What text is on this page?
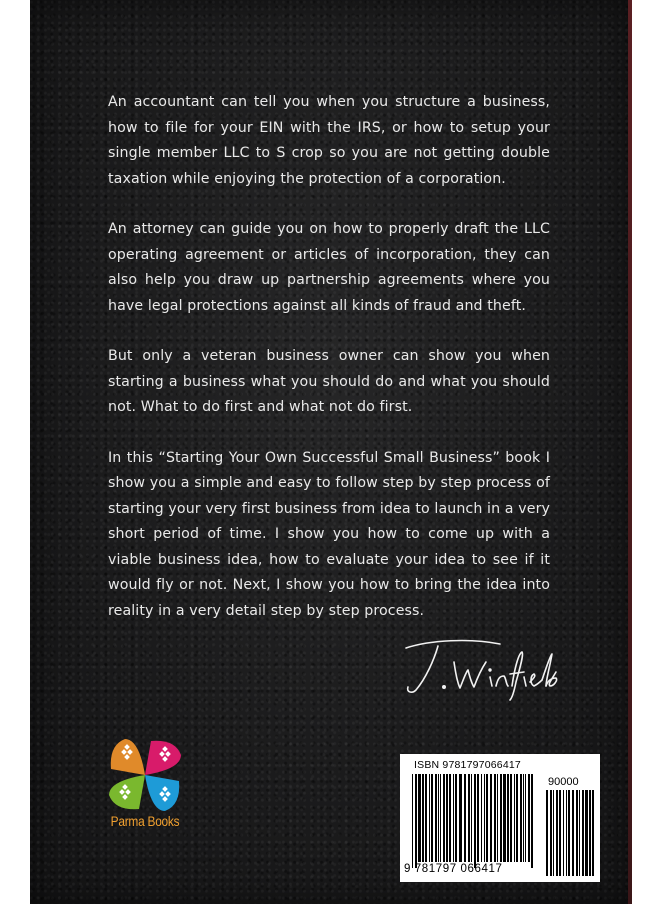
An accountant can tell you when you structure a business, how to file for your EIN with the IRS, or how to setup your single member LLC to S crop so you are not getting double taxation while enjoying the protection of a corporation.

An attorney can guide you on how to properly draft the LLC operating agreement or articles of incorporation, they can also help you draw up partnership agreements where you have legal protections against all kinds of fraud and theft.

But only a veteran business owner can show you when starting a business what you should do and what you should not. What to do first and what not do first.

In this “Starting Your Own Successful Small Business” book I show you a simple and easy to follow step by step process of starting your very first business from idea to launch in a very short period of time. I show you how to come up with a viable business idea, how to evaluate your idea to see if it would fly or not. Next, I show you how to bring the idea into reality in a very detail step by step process.

Parma Books
ISBN 9781797066417
90000
9 781797 066417
